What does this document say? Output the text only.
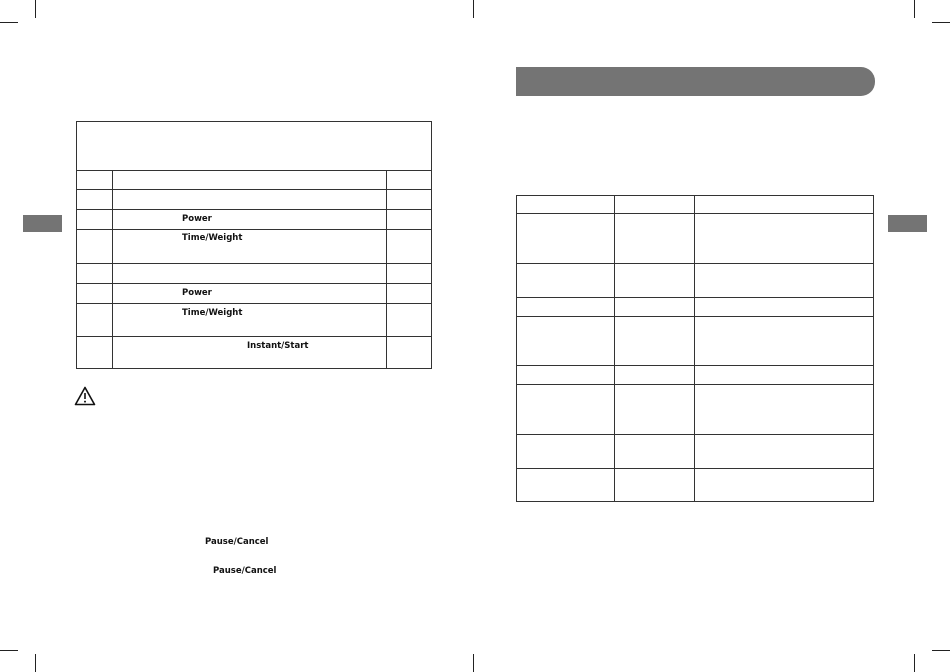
Power
Time/Weight
Power
Time/Weight
Instant/Start
Pause/Cancel
Pause/Cancel
